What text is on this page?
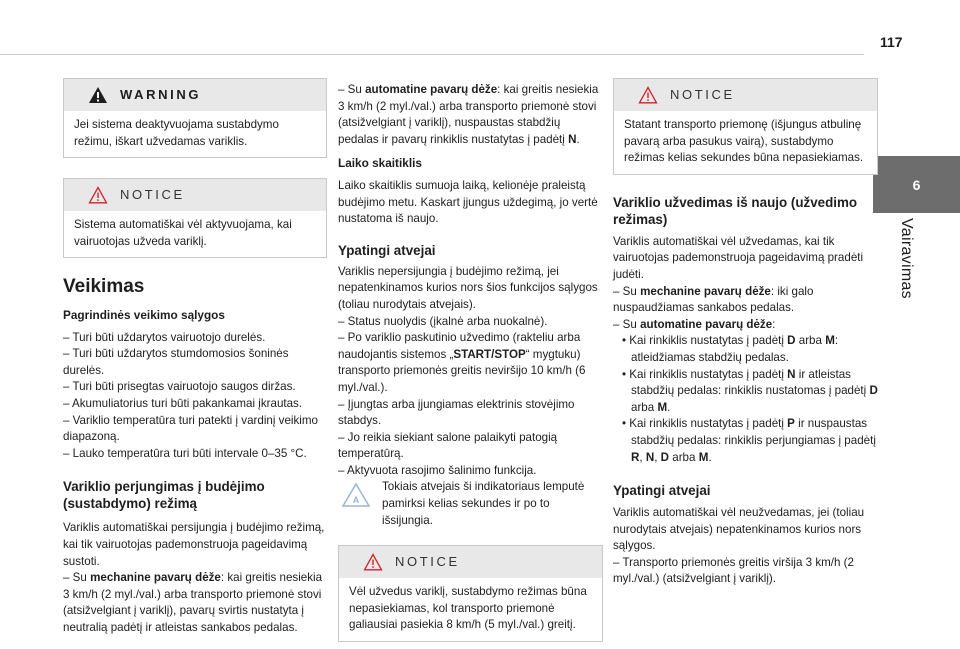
117
6
Vairavimas
WARNING

Jei sistema deaktyvuojama sustabdymo režimu, iškart užvedamas variklis.

NOTICE

Sistema automatiškai vėl aktyvuojama, kai vairuotojas užveda variklį.

Veikimas
Pagrindinės veikimo sąlygos

– Turi būti uždarytos vairuotojo durelės.

– Turi būti uždarytos stumdomosios šoninės durelės.

– Turi būti prisegtas vairuotojo saugos diržas.

– Akumuliatorius turi būti pakankamai įkrautas.

– Variklio temperatūra turi patekti į vardinį veikimo diapazoną.

– Lauko temperatūra turi būti intervale 0–35 °C.

Variklio perjungimas į budėjimo (sustabdymo) režimą

Variklis automatiškai persijungia į budėjimo režimą, kai tik vairuotojas pademonstruoja pageidavimą sustoti.

– Su mechanine pavarų dėže: kai greitis nesiekia 3 km/h (2 myl./val.) arba transporto priemonė stovi (atsižvelgiant į variklį), pavarų svirtis nustatyta į neutralią padėtį ir atleistas sankabos pedalas.

– Su automatine pavarų dėže: kai greitis nesiekia 3 km/h (2 myl./val.) arba transporto priemonė stovi (atsižvelgiant į variklį), nuspaustas stabdžių pedalas ir pavarų rinkiklis nustatytas į padėtį N.

Laiko skaitiklis

Laiko skaitiklis sumuoja laiką, kelionėje praleistą budėjimo metu. Kaskart įjungus uždegimą, jo vertė nustatoma iš naujo.

Ypatingi atvejai

Variklis nepersijungia į budėjimo režimą, jei nepatenkinamos kurios nors šios funkcijos sąlygos (toliau nurodytais atvejais).

– Status nuolydis (įkalnė arba nuokalnė).

– Po variklio paskutinio užvedimo (rakteliu arba naudojantis sistemos „START/STOP“ mygtuku) transporto priemonės greitis neviršijo 10 km/h (6 myl./val.).

– Įjungtas arba įjungiamas elektrinis stovėjimo stabdys.

– Jo reikia siekiant salone palaikyti patogią temperatūrą.

– Aktyvuota rasojimo šalinimo funkcija.

A

Tokiais atvejais ši indikatoriaus lemputė pamirksi kelias sekundes ir po to išsijungia.

NOTICE

Vėl užvedus variklį, sustabdymo režimas būna nepasiekiamas, kol transporto priemonė galiausiai pasiekia 8 km/h (5 myl./val.) greitį.

NOTICE

Statant transporto priemonę (išjungus atbulinę pavarą arba pasukus vairą), sustabdymo režimas kelias sekundes būna nepasiekiamas.

Variklio užvedimas iš naujo (užvedimo režimas)

Variklis automatiškai vėl užvedamas, kai tik vairuotojas pademonstruoja pageidavimą pradėti judėti.

– Su mechanine pavarų dėže: iki galo nuspaudžiamas sankabos pedalas.

– Su automatine pavarų dėže:

• Kai rinkiklis nustatytas į padėtį D arba M: atleidžiamas stabdžių pedalas.

• Kai rinkiklis nustatytas į padėtį N ir atleistas stabdžių pedalas: rinkiklis nustatomas į padėtį D arba M.

• Kai rinkiklis nustatytas į padėtį P ir nuspaustas stabdžių pedalas: rinkiklis perjungiamas į padėtį R, N, D arba M.

Ypatingi atvejai

Variklis automatiškai vėl neužvedamas, jei (toliau nurodytais atvejais) nepatenkinamos kurios nors sąlygos.

– Transporto priemonės greitis viršija 3 km/h (2 myl./val.) (atsižvelgiant į variklį).
